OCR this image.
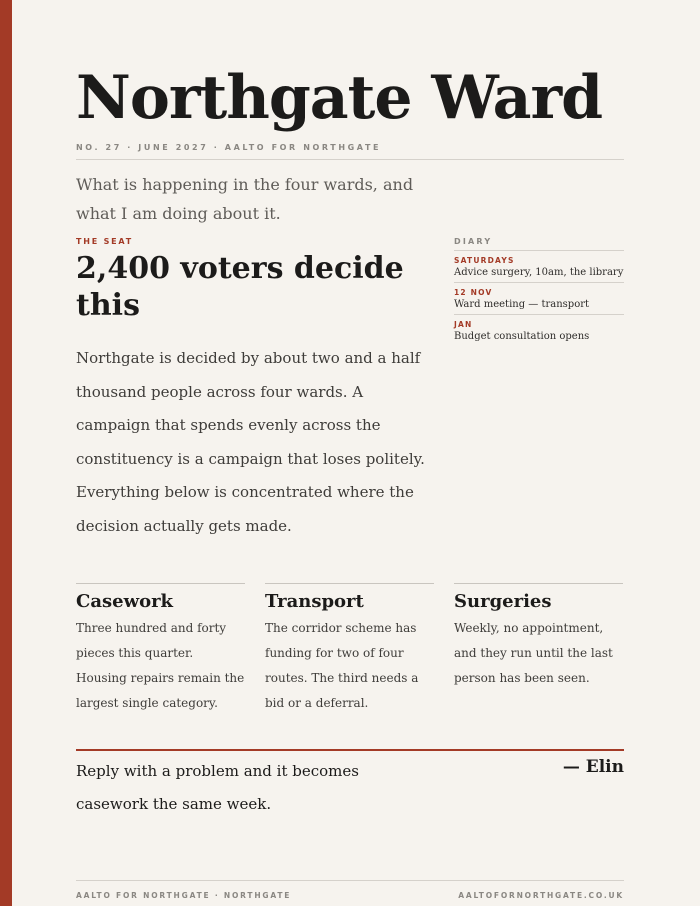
Northgate Ward
NO. 27 · JUNE 2027 · AALTO FOR NORTHGATE
What is happening in the four wards, and what I am doing about it.
THE SEAT
2,400 voters decide this
Northgate is decided by about two and a half thousand people across four wards. A campaign that spends evenly across the constituency is a campaign that loses politely. Everything below is concentrated where the decision actually gets made.
DIARY
SATURDAYS
Advice surgery, 10am, the library
12 NOV
Ward meeting — transport
JAN
Budget consultation opens
Casework

Three hundred and forty pieces this quarter. Housing repairs remain the largest single category.

Transport

The corridor scheme has funding for two of four routes. The third needs a bid or a deferral.

Surgeries

Weekly, no appointment, and they run until the last person has been seen.

Reply with a problem and it becomes casework the same week.
— Elin
AALTO FOR NORTHGATE · NORTHGATE	AALTOFORNORTHGATE.CO.UK
